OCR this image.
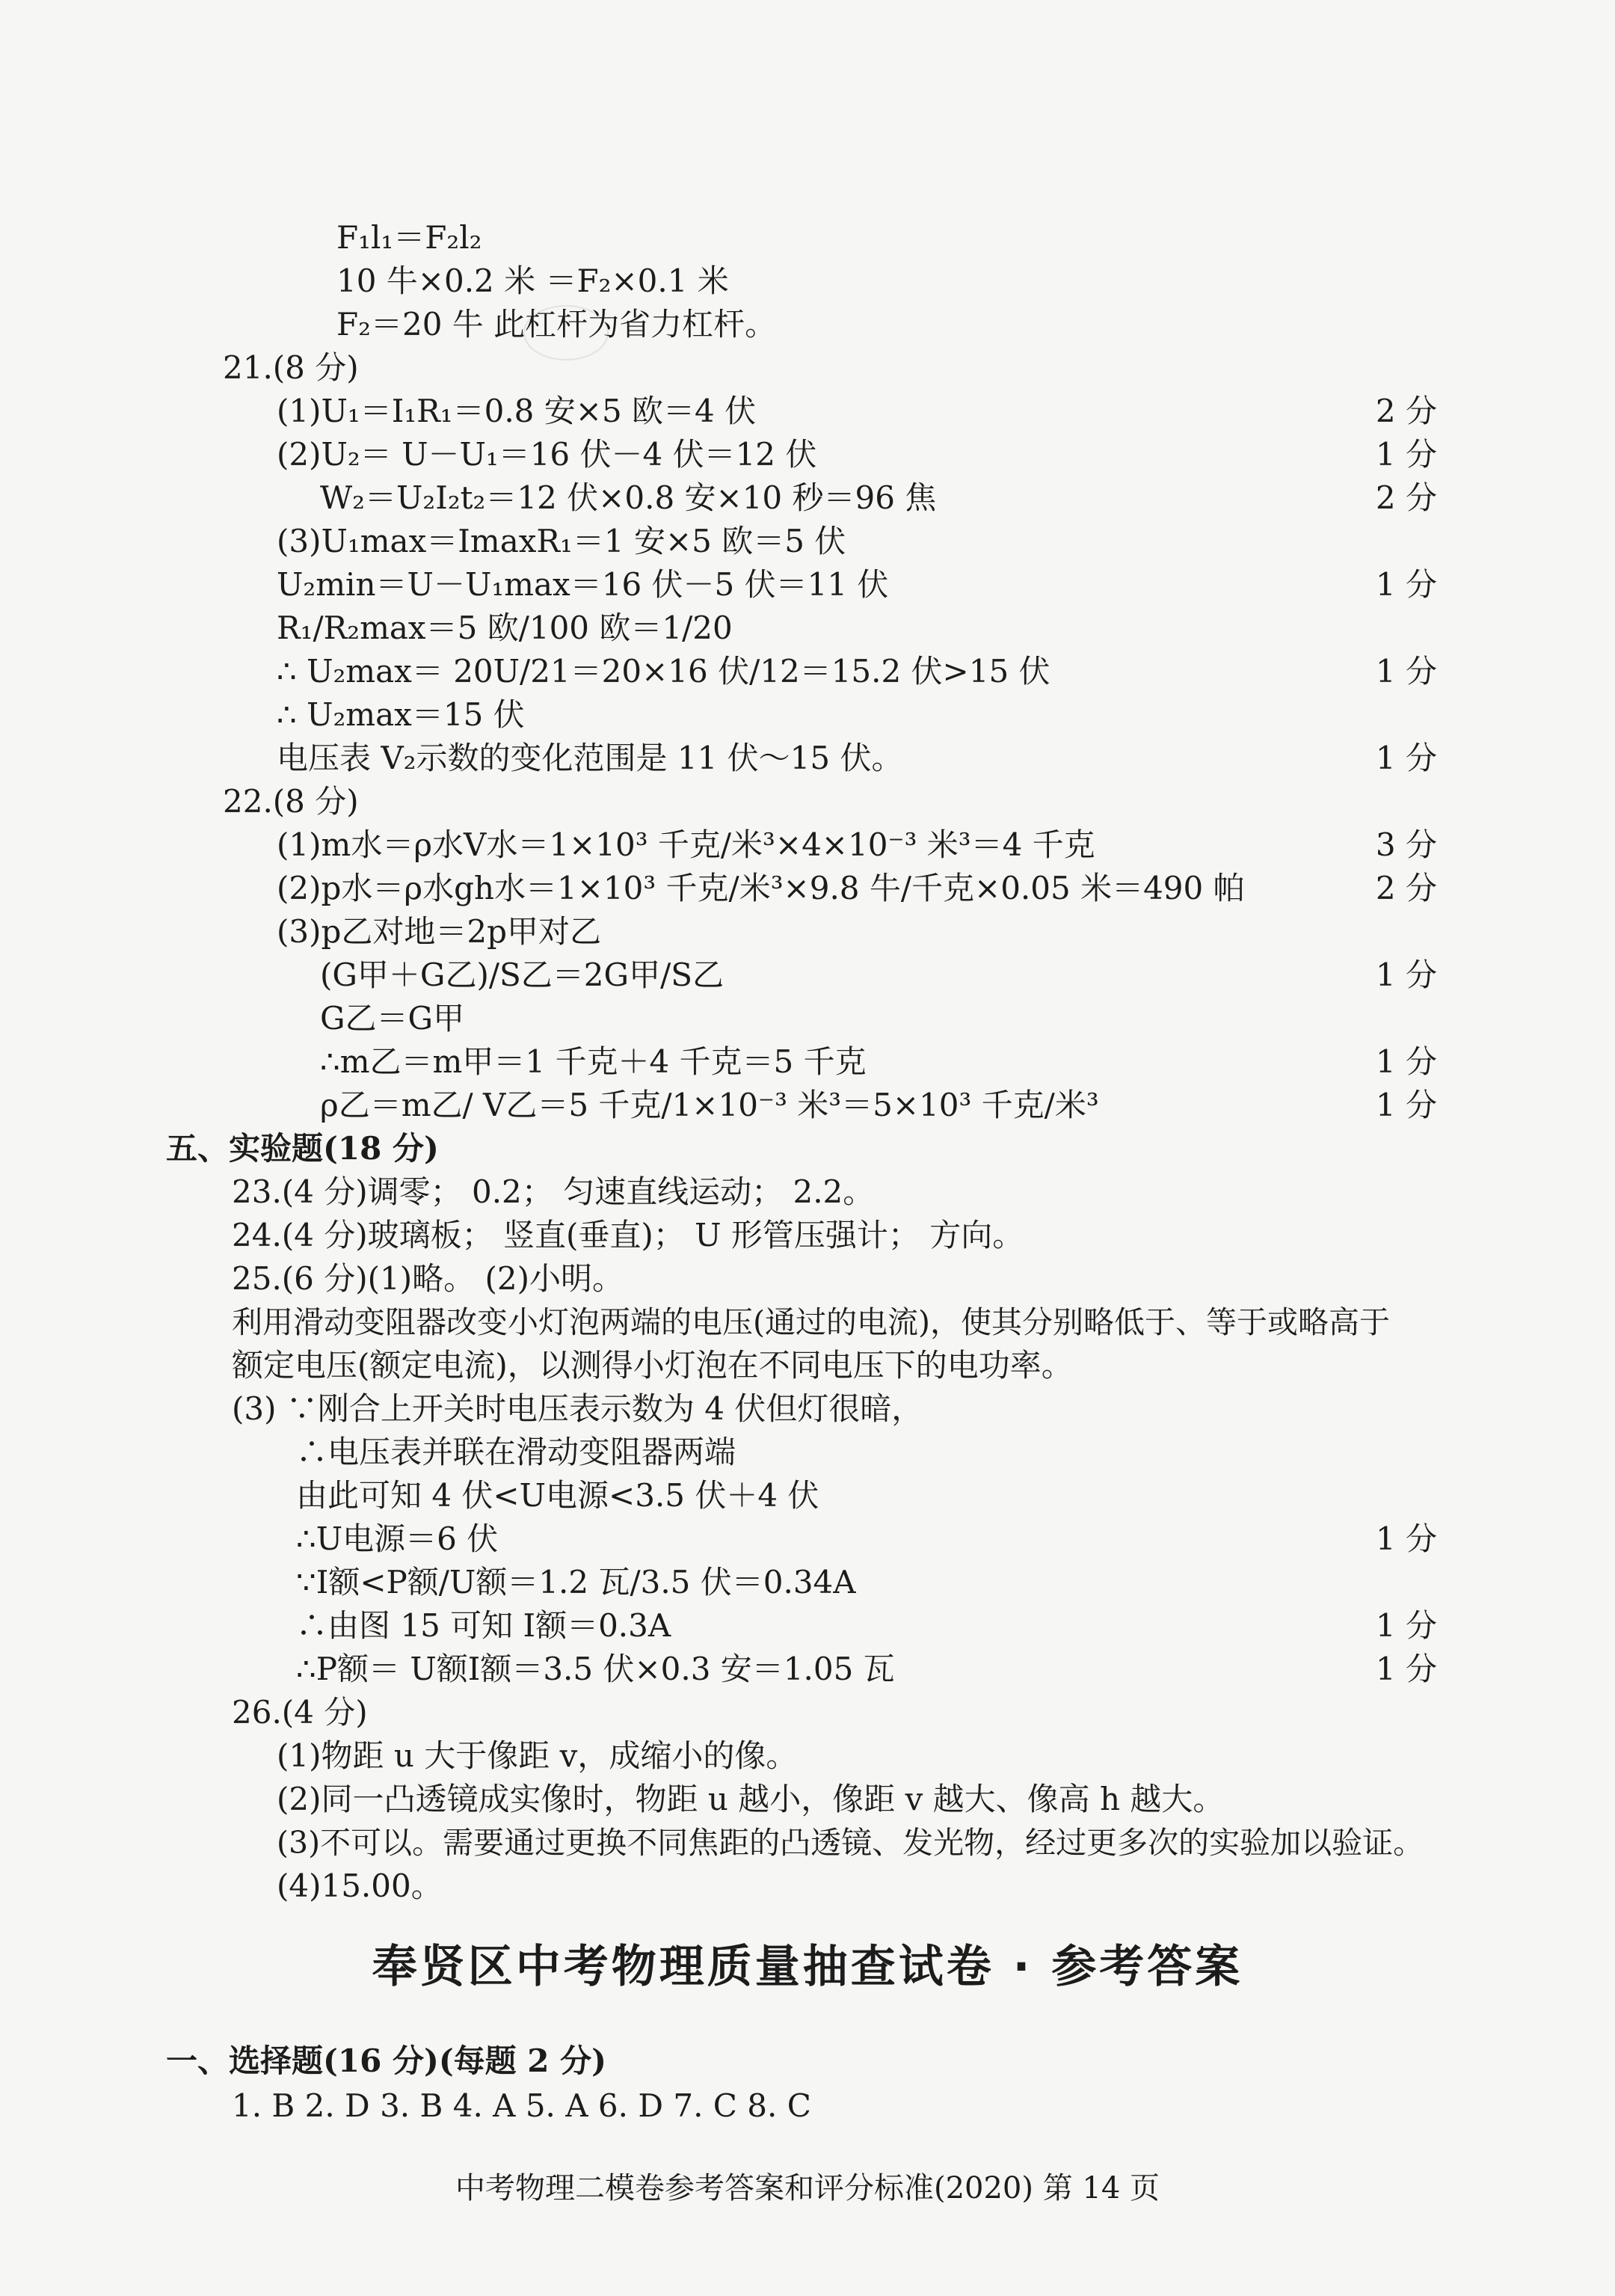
F₁l₁＝F₂l₂
10 牛×0.2 米 ＝F₂×0.1 米
F₂＝20 牛 此杠杆为省力杠杆。
21.(8 分)
(1)U₁＝I₁R₁＝0.8 安×5 欧＝4 伏	2 分
(2)U₂＝ U－U₁＝16 伏－4 伏＝12 伏	1 分
W₂＝U₂I₂t₂＝12 伏×0.8 安×10 秒＝96 焦	2 分
(3)U₁max＝ImaxR₁＝1 安×5 欧＝5 伏
U₂min＝U－U₁max＝16 伏－5 伏＝11 伏	1 分
R₁/R₂max＝5 欧/100 欧＝1/20
∴ U₂max＝ 20U/21＝20×16 伏/12＝15.2 伏>15 伏	1 分
∴ U₂max＝15 伏
电压表 V₂示数的变化范围是 11 伏～15 伏。	1 分
22.(8 分)
(1)m水＝ρ水V水＝1×10³ 千克/米³×4×10⁻³ 米³＝4 千克	3 分
(2)p水＝ρ水gh水＝1×10³ 千克/米³×9.8 牛/千克×0.05 米＝490 帕	2 分
(3)p乙对地＝2p甲对乙
(G甲＋G乙)/S乙＝2G甲/S乙	1 分
G乙＝G甲
∴m乙＝m甲＝1 千克＋4 千克＝5 千克	1 分
ρ乙＝m乙/ V乙＝5 千克/1×10⁻³ 米³＝5×10³ 千克/米³	1 分
五、实验题(18 分)
23.(4 分)调零； 0.2； 匀速直线运动； 2.2。
24.(4 分)玻璃板； 竖直(垂直)； U 形管压强计； 方向。
25.(6 分)(1)略。 (2)小明。
利用滑动变阻器改变小灯泡两端的电压(通过的电流)，使其分别略低于、等于或略高于
额定电压(额定电流)，以测得小灯泡在不同电压下的电功率。
(3) ∵刚合上开关时电压表示数为 4 伏但灯很暗，
∴电压表并联在滑动变阻器两端
由此可知 4 伏<U电源<3.5 伏＋4 伏
∴U电源＝6 伏	1 分
∵I额<P额/U额＝1.2 瓦/3.5 伏＝0.34A
∴由图 15 可知 I额＝0.3A	1 分
∴P额＝ U额I额＝3.5 伏×0.3 安＝1.05 瓦	1 分
26.(4 分)
(1)物距 u 大于像距 v，成缩小的像。
(2)同一凸透镜成实像时，物距 u 越小，像距 v 越大、像高 h 越大。
(3)不可以。需要通过更换不同焦距的凸透镜、发光物，经过更多次的实验加以验证。
(4)15.00。
奉贤区中考物理质量抽查试卷 · 参考答案
一、选择题(16 分)(每题 2 分)
1. B 2. D 3. B 4. A 5. A 6. D 7. C 8. C
中考物理二模卷参考答案和评分标准(2020) 第 14 页
